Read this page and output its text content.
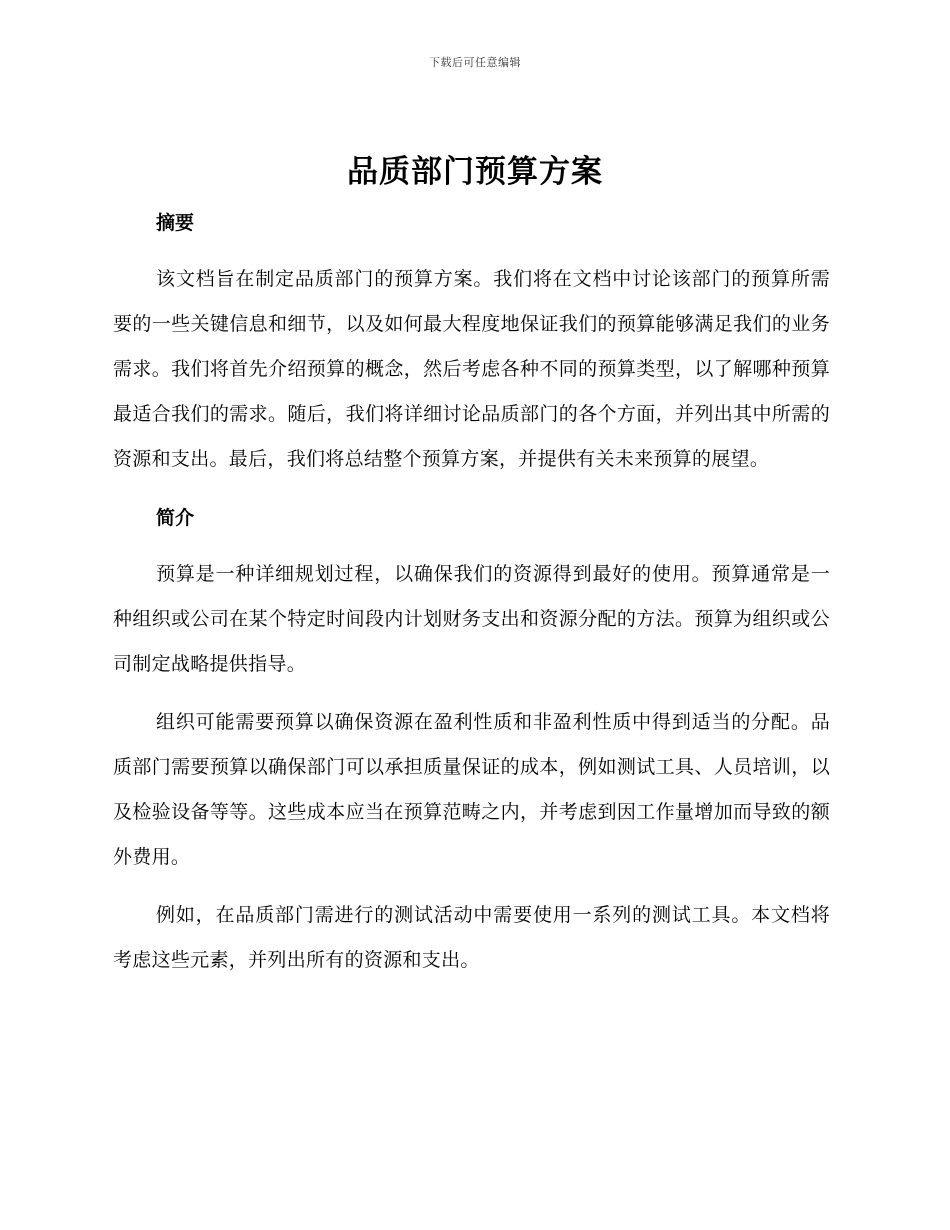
下载后可任意编辑
品质部门预算方案
摘要

该文档旨在制定品质部门的预算方案。我们将在文档中讨论该部门的预算所需要的一些关键信息和细节，以及如何最大程度地保证我们的预算能够满足我们的业务需求。我们将首先介绍预算的概念，然后考虑各种不同的预算类型，以了解哪种预算最适合我们的需求。随后，我们将详细讨论品质部门的各个方面，并列出其中所需的资源和支出。最后，我们将总结整个预算方案，并提供有关未来预算的展望。

简介

预算是一种详细规划过程，以确保我们的资源得到最好的使用。预算通常是一种组织或公司在某个特定时间段内计划财务支出和资源分配的方法。预算为组织或公司制定战略提供指导。

组织可能需要预算以确保资源在盈利性质和非盈利性质中得到适当的分配。品质部门需要预算以确保部门可以承担质量保证的成本，例如测试工具、人员培训，以及检验设备等等。这些成本应当在预算范畴之内，并考虑到因工作量增加而导致的额外费用。

例如，在品质部门需进行的测试活动中需要使用一系列的测试工具。本文档将考虑这些元素，并列出所有的资源和支出。
